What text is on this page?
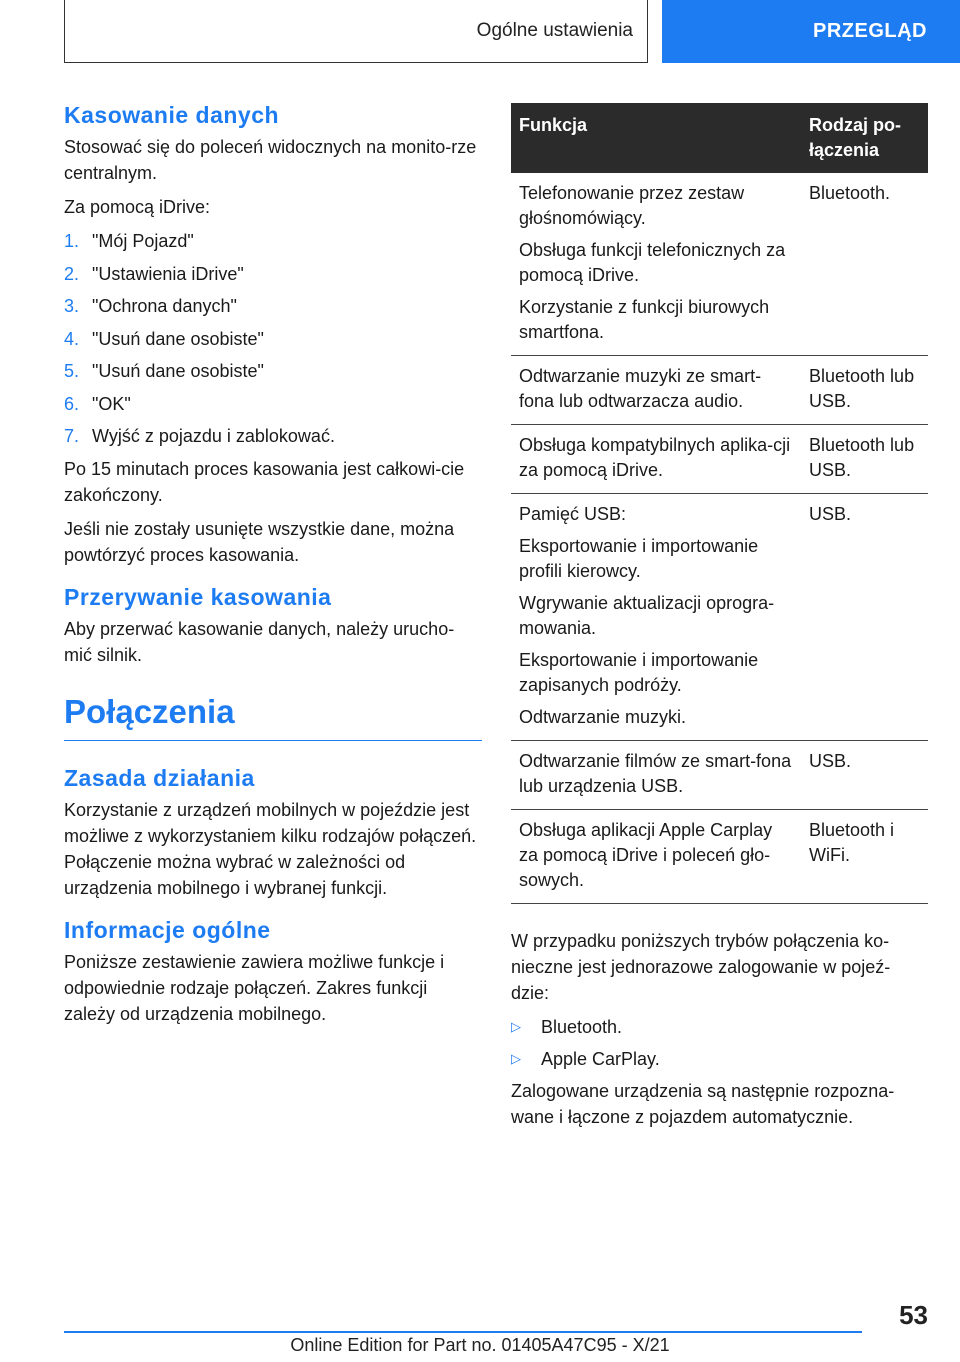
Ogólne ustawienia	PRZEGLĄD
Kasowanie danych

Stosować się do poleceń widocznych na monito-rze centralnym.

Za pomocą iDrive:

1. "Mój Pojazd"
2. "Ustawienia iDrive"
3. "Ochrona danych"
4. "Usuń dane osobiste"
5. "Usuń dane osobiste"
6. "OK"
7. Wyjść z pojazdu i zablokować.

Po 15 minutach proces kasowania jest całkowi-cie zakończony.

Jeśli nie zostały usunięte wszystkie dane, można powtórzyć proces kasowania.

Przerywanie kasowania

Aby przerwać kasowanie danych, należy urucho-mić silnik.

Połączenia
Zasada działania

Korzystanie z urządzeń mobilnych w pojeździe jest możliwe z wykorzystaniem kilku rodzajów połączeń. Połączenie można wybrać w zależności od urządzenia mobilnego i wybranej funkcji.

Informacje ogólne

Poniższe zestawienie zawiera możliwe funkcje i odpowiednie rodzaje połączeń. Zakres funkcji zależy od urządzenia mobilnego.

Funkcja	Rodzaj po-łączenia

Telefonowanie przez zestaw głośnomówiący.
Obsługa funkcji telefonicznych za pomocą iDrive.
Korzystanie z funkcji biurowych smartfona.	Bluetooth.

Odtwarzanie muzyki ze smart-fona lub odtwarzacza audio.	Bluetooth lub USB.

Obsługa kompatybilnych aplika-cji za pomocą iDrive.	Bluetooth lub USB.

Pamięć USB:
Eksportowanie i importowanie profili kierowcy.
Wgrywanie aktualizacji oprogra-mowania.
Eksportowanie i importowanie zapisanych podróży.
Odtwarzanie muzyki.	USB.

Odtwarzanie filmów ze smart-fona lub urządzenia USB.	USB.

Obsługa aplikacji Apple Carplay za pomocą iDrive i poleceń gło-sowych.	Bluetooth i WiFi.

W przypadku poniższych trybów połączenia ko-nieczne jest jednorazowe zalogowanie w pojeź-dzie:

▷	Bluetooth.
▷	Apple CarPlay.

Zalogowane urządzenia są następnie rozpozna-wane i łączone z pojazdem automatycznie.

53
Online Edition for Part no. 01405A47C95 - X/21
